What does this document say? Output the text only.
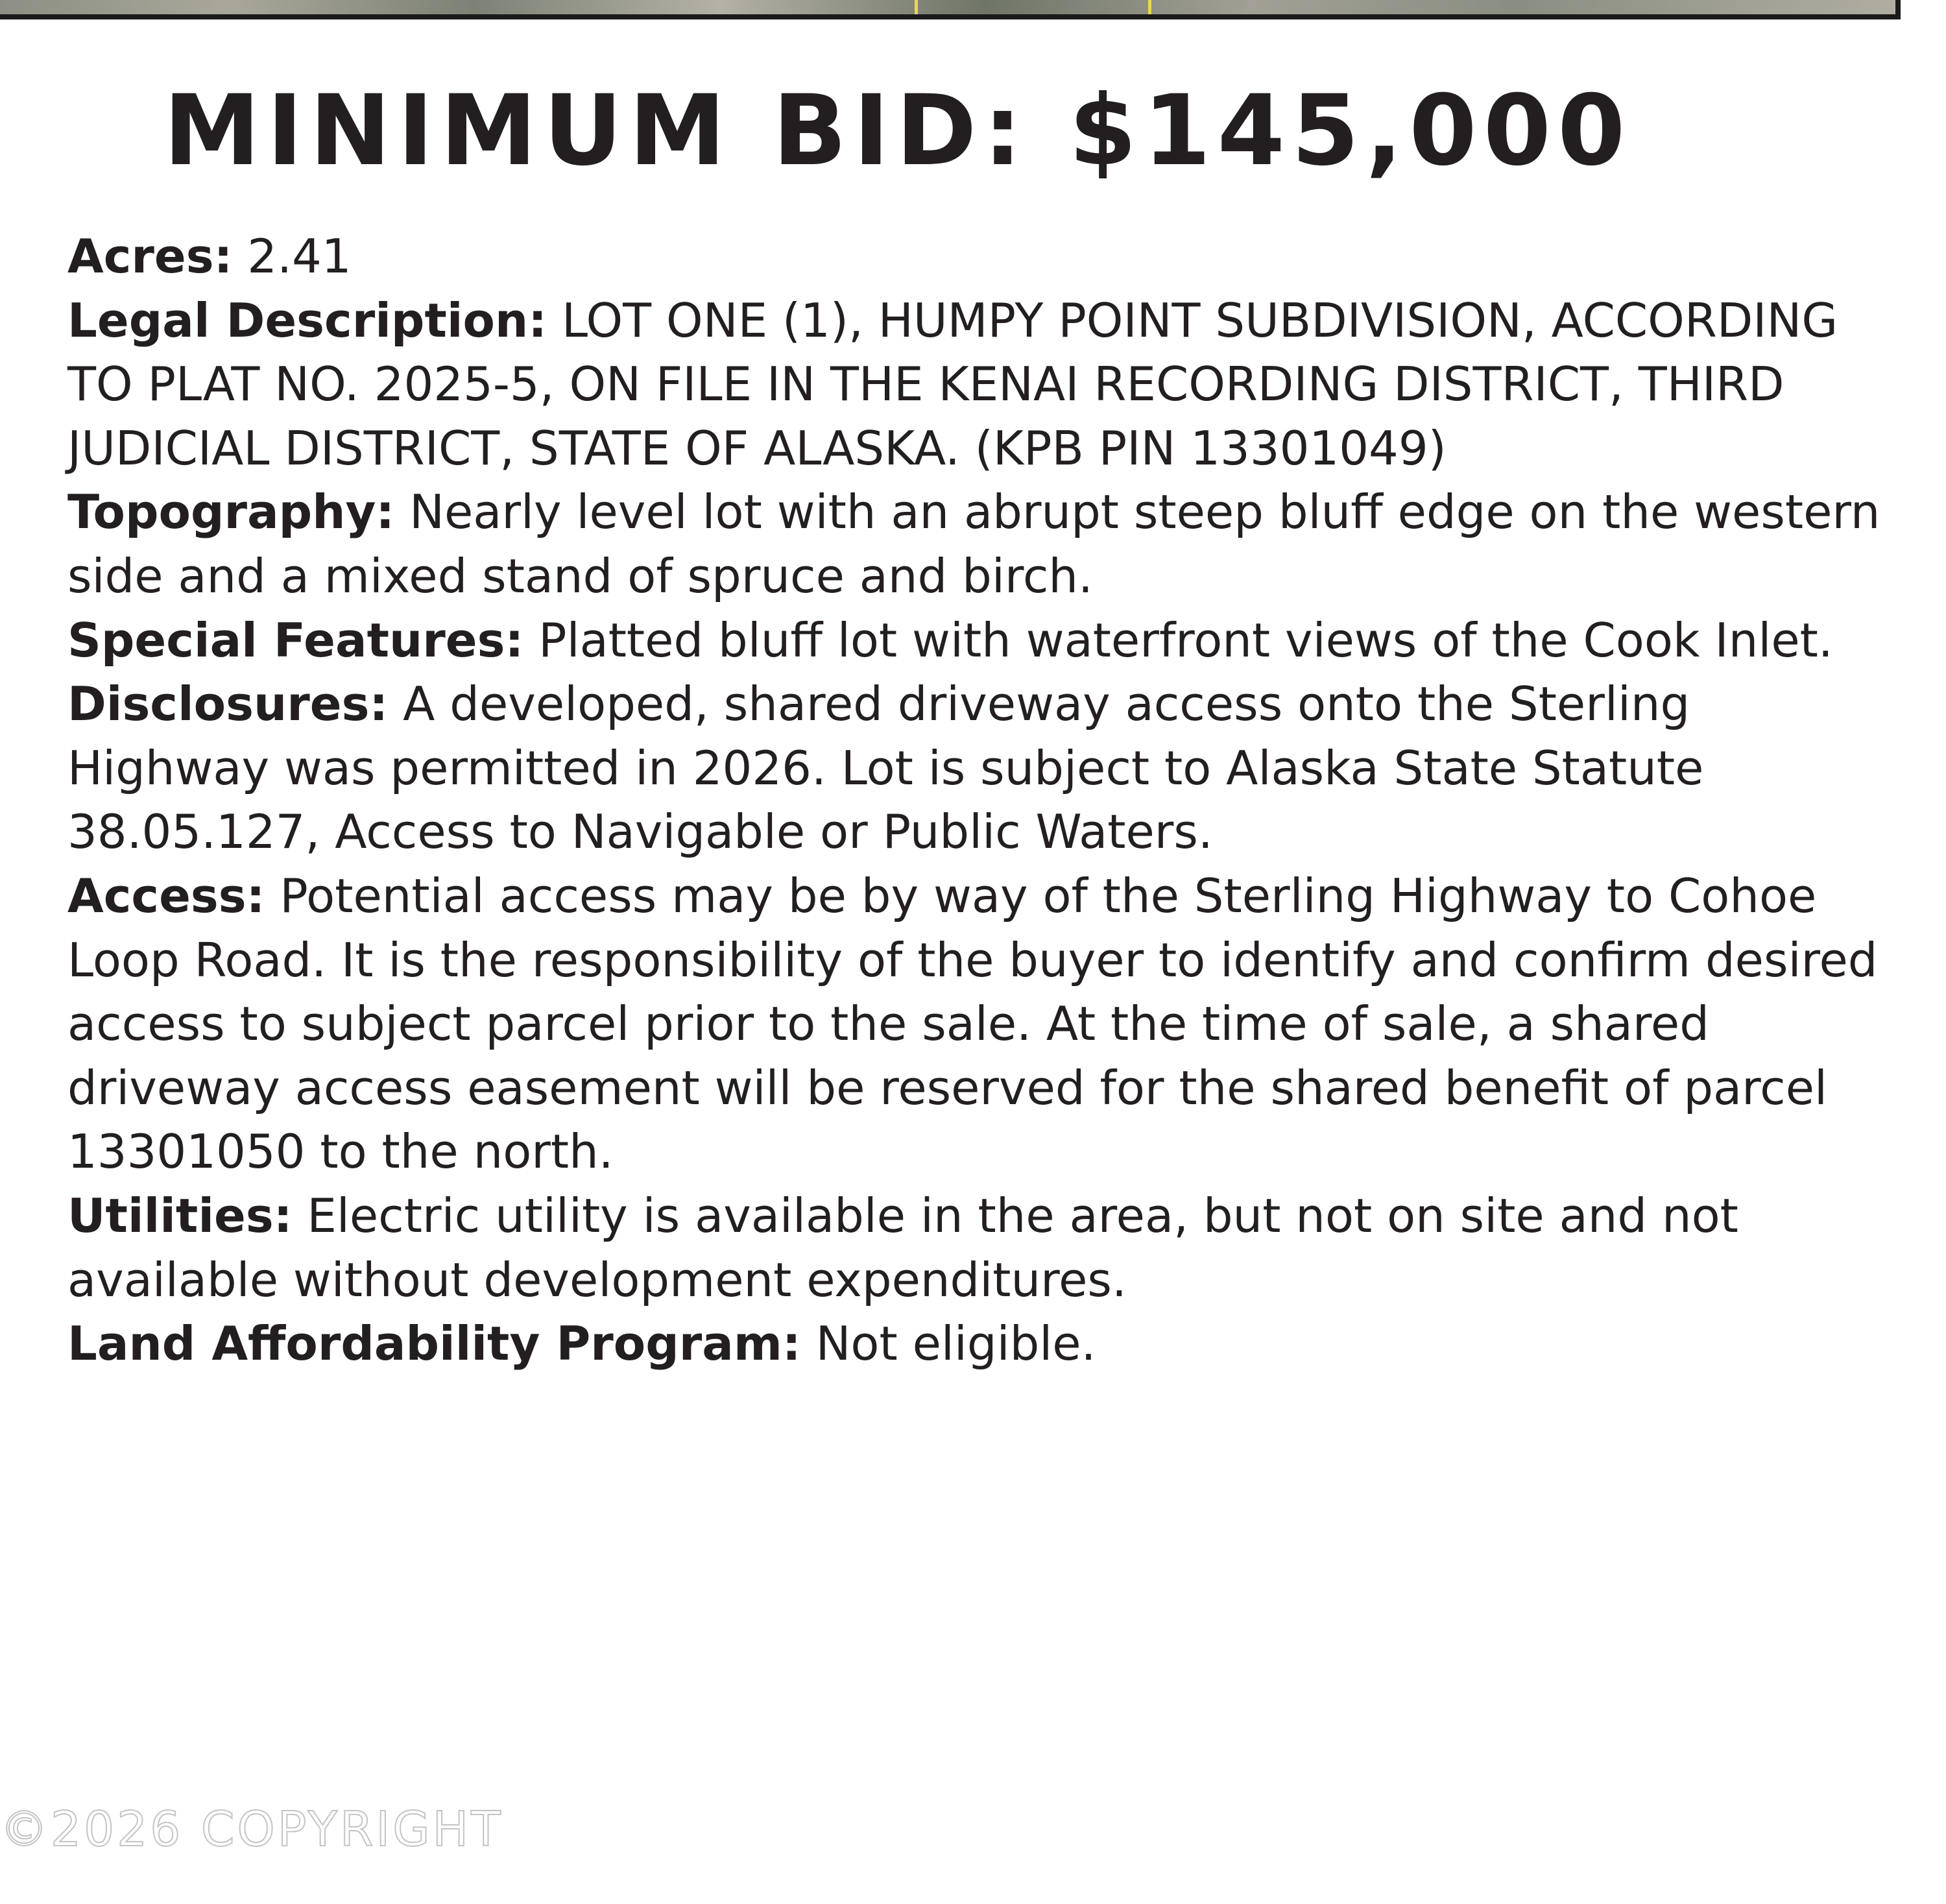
MINIMUM BID: $145,000

Acres: 2.41

Legal Description: LOT ONE (1), HUMPY POINT SUBDIVISION, ACCORDING TO PLAT NO. 2025-5, ON FILE IN THE KENAI RECORDING DISTRICT, THIRD JUDICIAL DISTRICT, STATE OF ALASKA. (KPB PIN 13301049)

Topography: Nearly level lot with an abrupt steep bluff edge on the western side and a mixed stand of spruce and birch.

Special Features: Platted bluff lot with waterfront views of the Cook Inlet.

Disclosures: A developed, shared driveway access onto the Sterling Highway was permitted in 2026. Lot is subject to Alaska State Statute 38.05.127, Access to Navigable or Public Waters.

Access: Potential access may be by way of the Sterling Highway to Cohoe Loop Road. It is the responsibility of the buyer to identify and confirm desired access to subject parcel prior to the sale. At the time of sale, a shared driveway access easement will be reserved for the shared benefit of parcel 13301050 to the north.

Utilities: Electric utility is available in the area, but not on site and not available without development expenditures.

Land Affordability Program: Not eligible.

©2026 COPYRIGHT
